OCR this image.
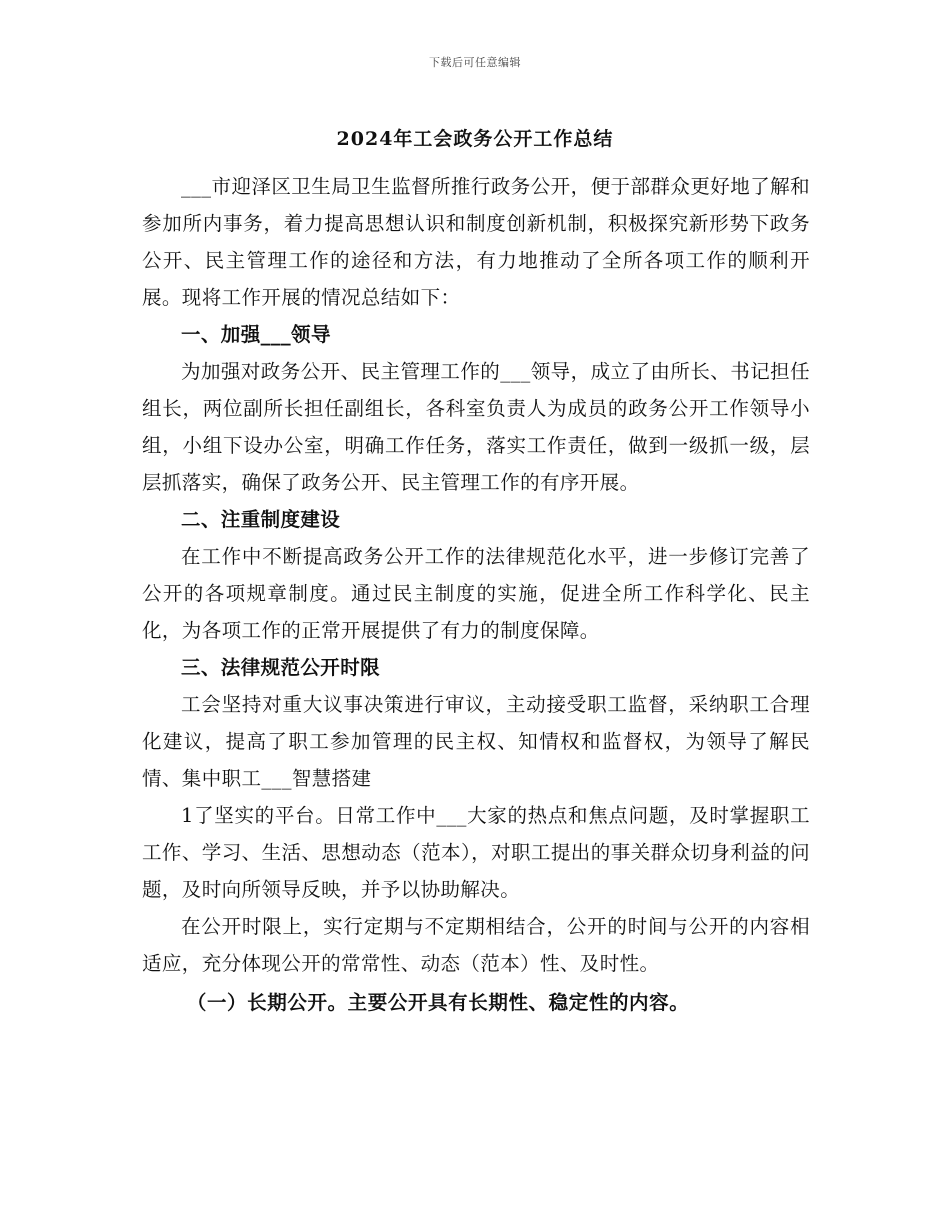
下载后可任意编辑
2024年工会政务公开工作总结

___市迎泽区卫生局卫生监督所推行政务公开，便于部群众更好地了解和参加所内事务，着力提高思想认识和制度创新机制，积极探究新形势下政务公开、民主管理工作的途径和方法，有力地推动了全所各项工作的顺利开展。现将工作开展的情况总结如下：

一、加强___领导

为加强对政务公开、民主管理工作的___领导，成立了由所长、书记担任组长，两位副所长担任副组长，各科室负责人为成员的政务公开工作领导小组，小组下设办公室，明确工作任务，落实工作责任，做到一级抓一级，层层抓落实，确保了政务公开、民主管理工作的有序开展。

二、注重制度建设

在工作中不断提高政务公开工作的法律规范化水平，进一步修订完善了公开的各项规章制度。通过民主制度的实施，促进全所工作科学化、民主化，为各项工作的正常开展提供了有力的制度保障。

三、法律规范公开时限

工会坚持对重大议事决策进行审议，主动接受职工监督，采纳职工合理化建议，提高了职工参加管理的民主权、知情权和监督权，为领导了解民情、集中职工___智慧搭建

1了坚实的平台。日常工作中___大家的热点和焦点问题，及时掌握职工工作、学习、生活、思想动态（范本），对职工提出的事关群众切身利益的问题，及时向所领导反映，并予以协助解决。

在公开时限上，实行定期与不定期相结合，公开的时间与公开的内容相适应，充分体现公开的常常性、动态（范本）性、及时性。

（一）长期公开。主要公开具有长期性、稳定性的内容。
